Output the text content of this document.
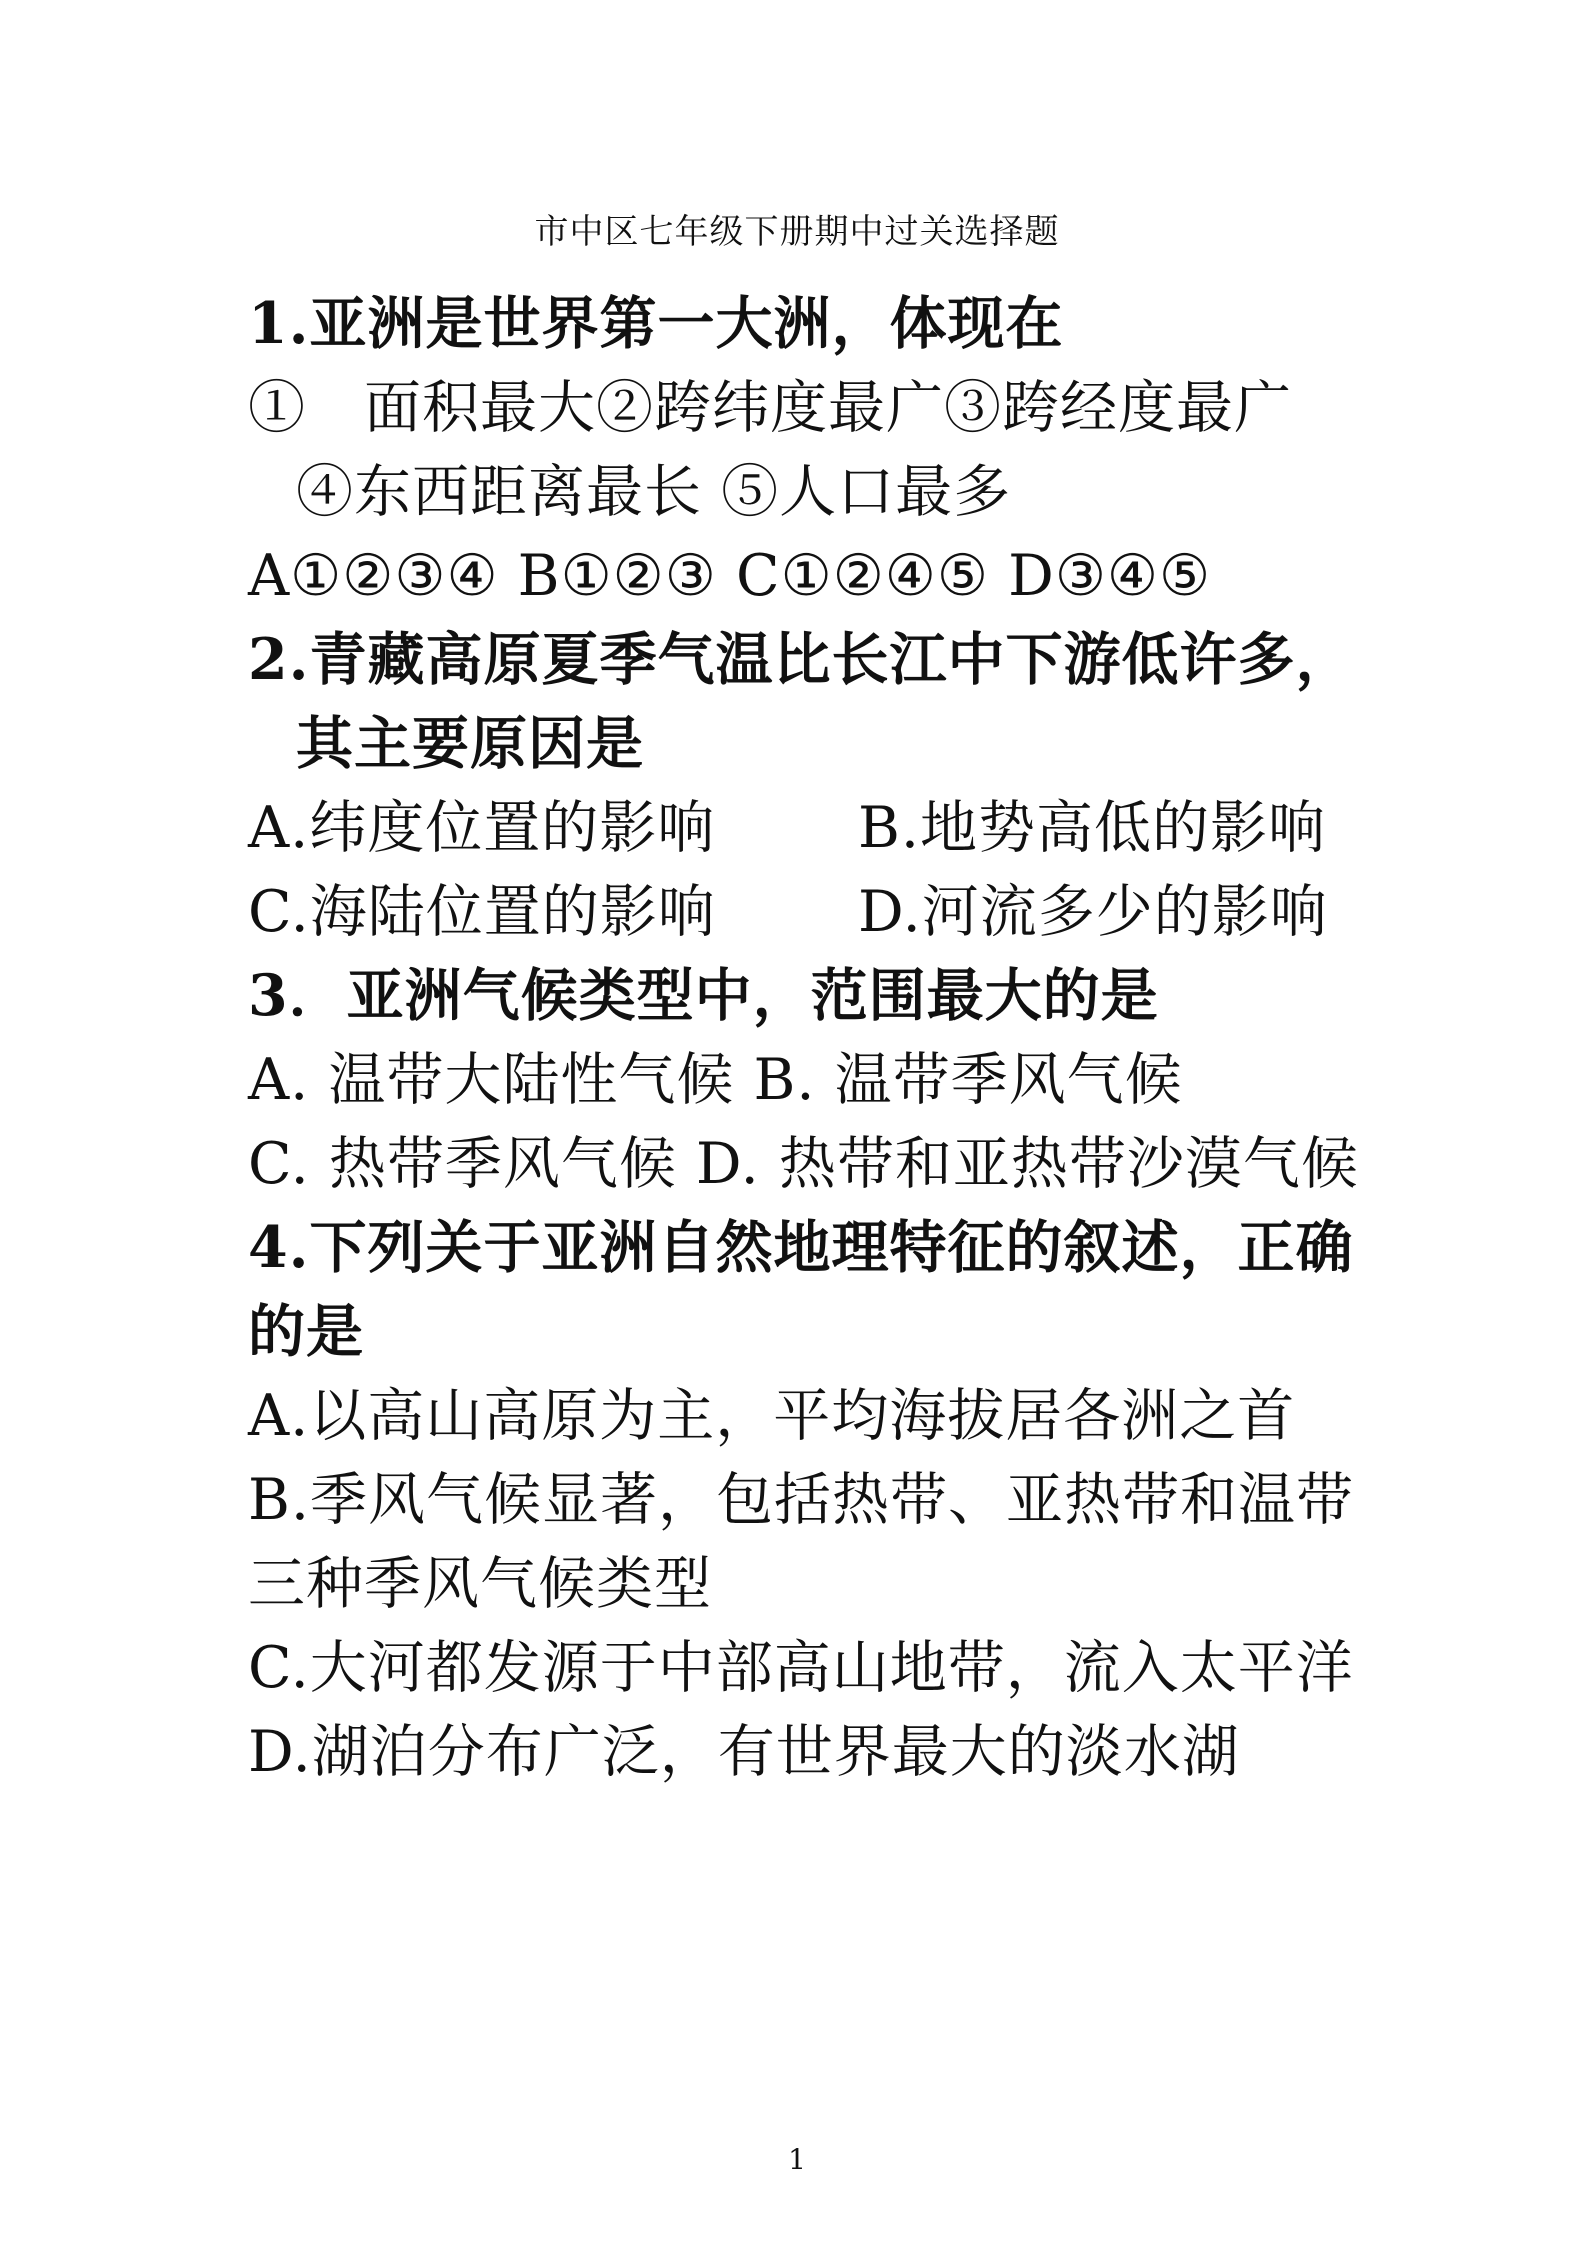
市中区七年级下册期中过关选择题
1.亚洲是世界第一大洲，体现在
①　面积最大②跨纬度最广③跨经度最广
④东西距离最长 ⑤人口最多
A①②③④ B①②③ C①②④⑤ D③④⑤
2.青藏高原夏季气温比长江中下游低许多，
其主要原因是
A.纬度位置的影响	B.地势高低的影响
C.海陆位置的影响	D.河流多少的影响
3．亚洲气候类型中，范围最大的是
A. 温带大陆性气候 B. 温带季风气候
C. 热带季风气候 D. 热带和亚热带沙漠气候
4.下列关于亚洲自然地理特征的叙述，正确
的是
A.以高山高原为主，平均海拔居各洲之首
B.季风气候显著，包括热带、亚热带和温带
三种季风气候类型
C.大河都发源于中部高山地带，流入太平洋
D.湖泊分布广泛，有世界最大的淡水湖
1
